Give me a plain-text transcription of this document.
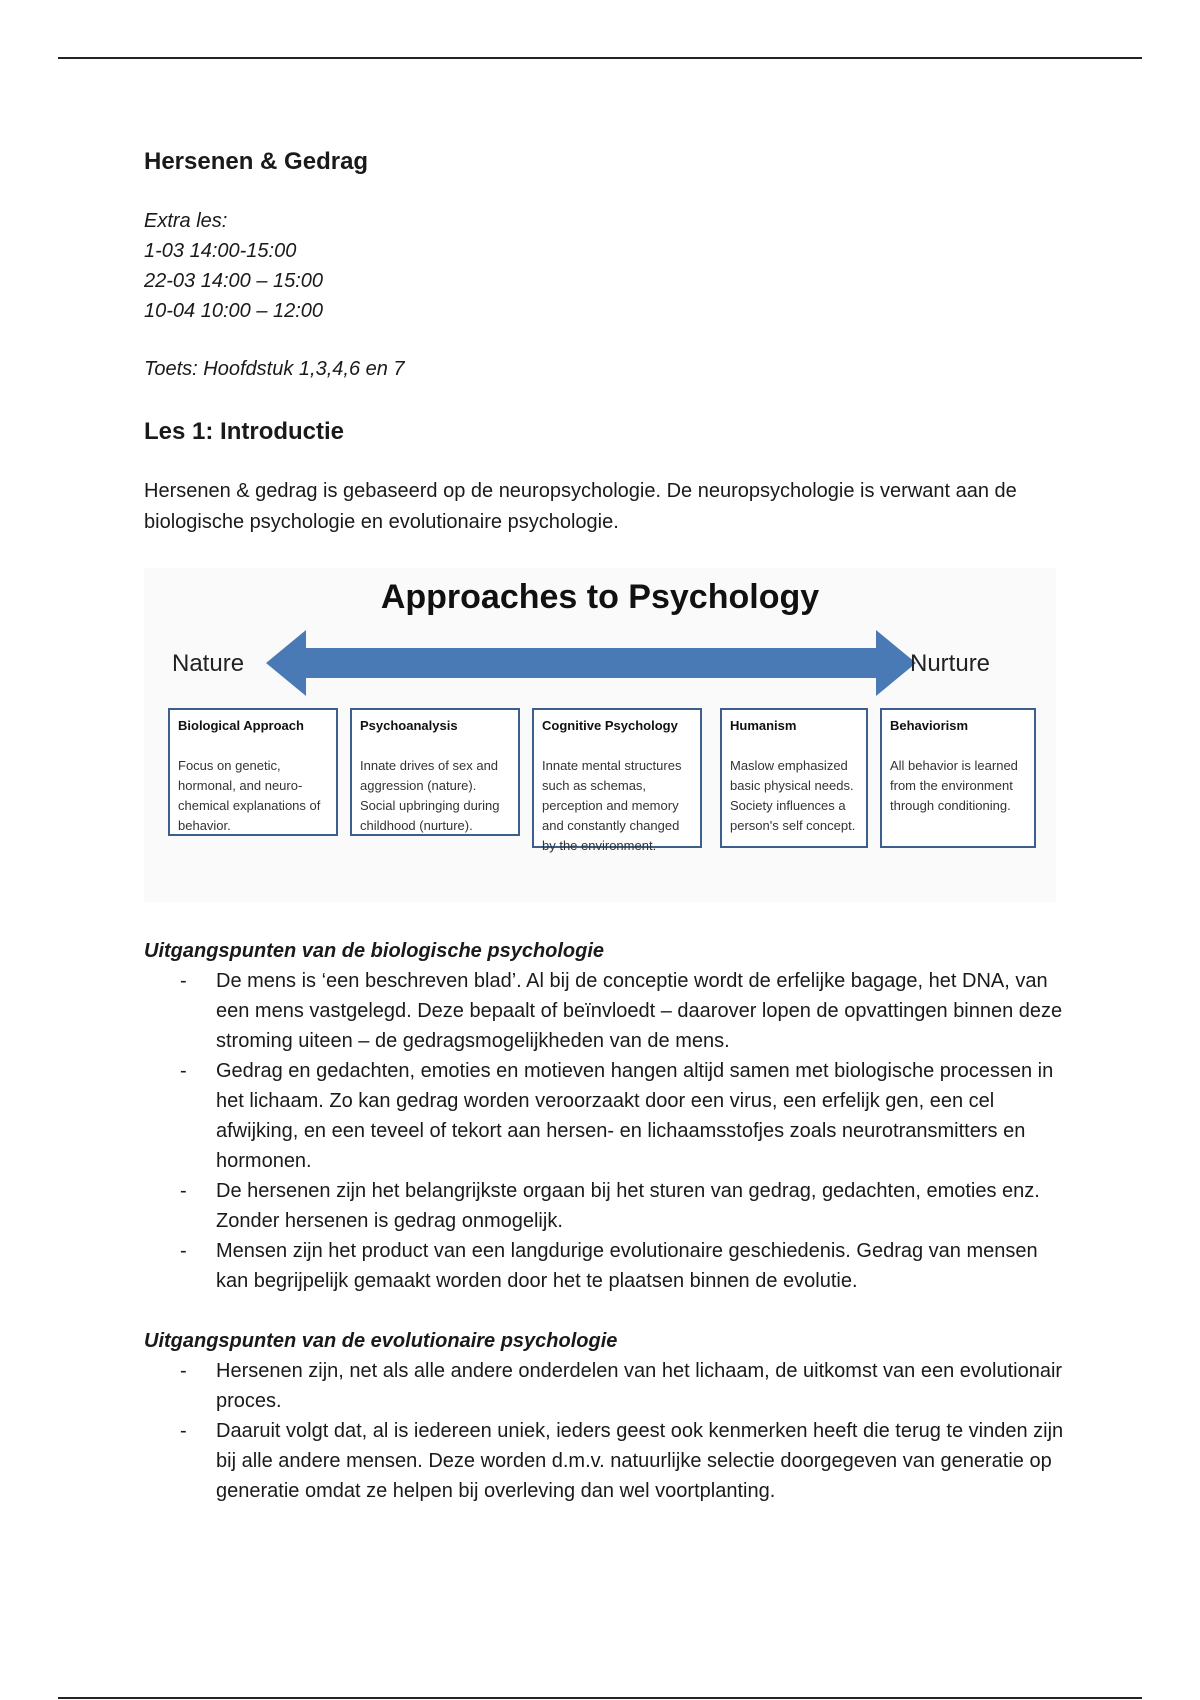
Hersenen & Gedrag
Extra les:
1-03 14:00-15:00
22-03 14:00 – 15:00
10-04 10:00 – 12:00

Toets: Hoofdstuk 1,3,4,6 en 7

Les 1: Introductie

Hersenen & gedrag is gebaseerd op de neuropsychologie. De neuropsychologie is verwant aan de biologische psychologie en evolutionaire psychologie.

Approaches to Psychology
Nature	Nurture
Biological Approach
Focus on genetic, hormonal, and neuro-chemical explanations of behavior.
Psychoanalysis
Innate drives of sex and aggression (nature). Social upbringing during childhood (nurture).
Cognitive Psychology
Innate mental structures such as schemas, perception and memory and constantly changed by the environment.
Humanism
Maslow emphasized basic physical needs. Society influences a person's self concept.
Behaviorism
All behavior is learned from the environment through conditioning.
Uitgangspunten van de biologische psychologie
- De mens is ‘een beschreven blad’. Al bij de conceptie wordt de erfelijke bagage, het DNA, van een mens vastgelegd. Deze bepaalt of beïnvloedt – daarover lopen de opvattingen binnen deze stroming uiteen – de gedragsmogelijkheden van de mens.
- Gedrag en gedachten, emoties en motieven hangen altijd samen met biologische processen in het lichaam. Zo kan gedrag worden veroorzaakt door een virus, een erfelijk gen, een cel afwijking, en een teveel of tekort aan hersen- en lichaamsstofjes zoals neurotransmitters en hormonen.
- De hersenen zijn het belangrijkste orgaan bij het sturen van gedrag, gedachten, emoties enz. Zonder hersenen is gedrag onmogelijk.
- Mensen zijn het product van een langdurige evolutionaire geschiedenis. Gedrag van mensen kan begrijpelijk gemaakt worden door het te plaatsen binnen de evolutie.
Uitgangspunten van de evolutionaire psychologie
- Hersenen zijn, net als alle andere onderdelen van het lichaam, de uitkomst van een evolutionair proces.
- Daaruit volgt dat, al is iedereen uniek, ieders geest ook kenmerken heeft die terug te vinden zijn bij alle andere mensen. Deze worden d.m.v. natuurlijke selectie doorgegeven van generatie op generatie omdat ze helpen bij overleving dan wel voortplanting.
